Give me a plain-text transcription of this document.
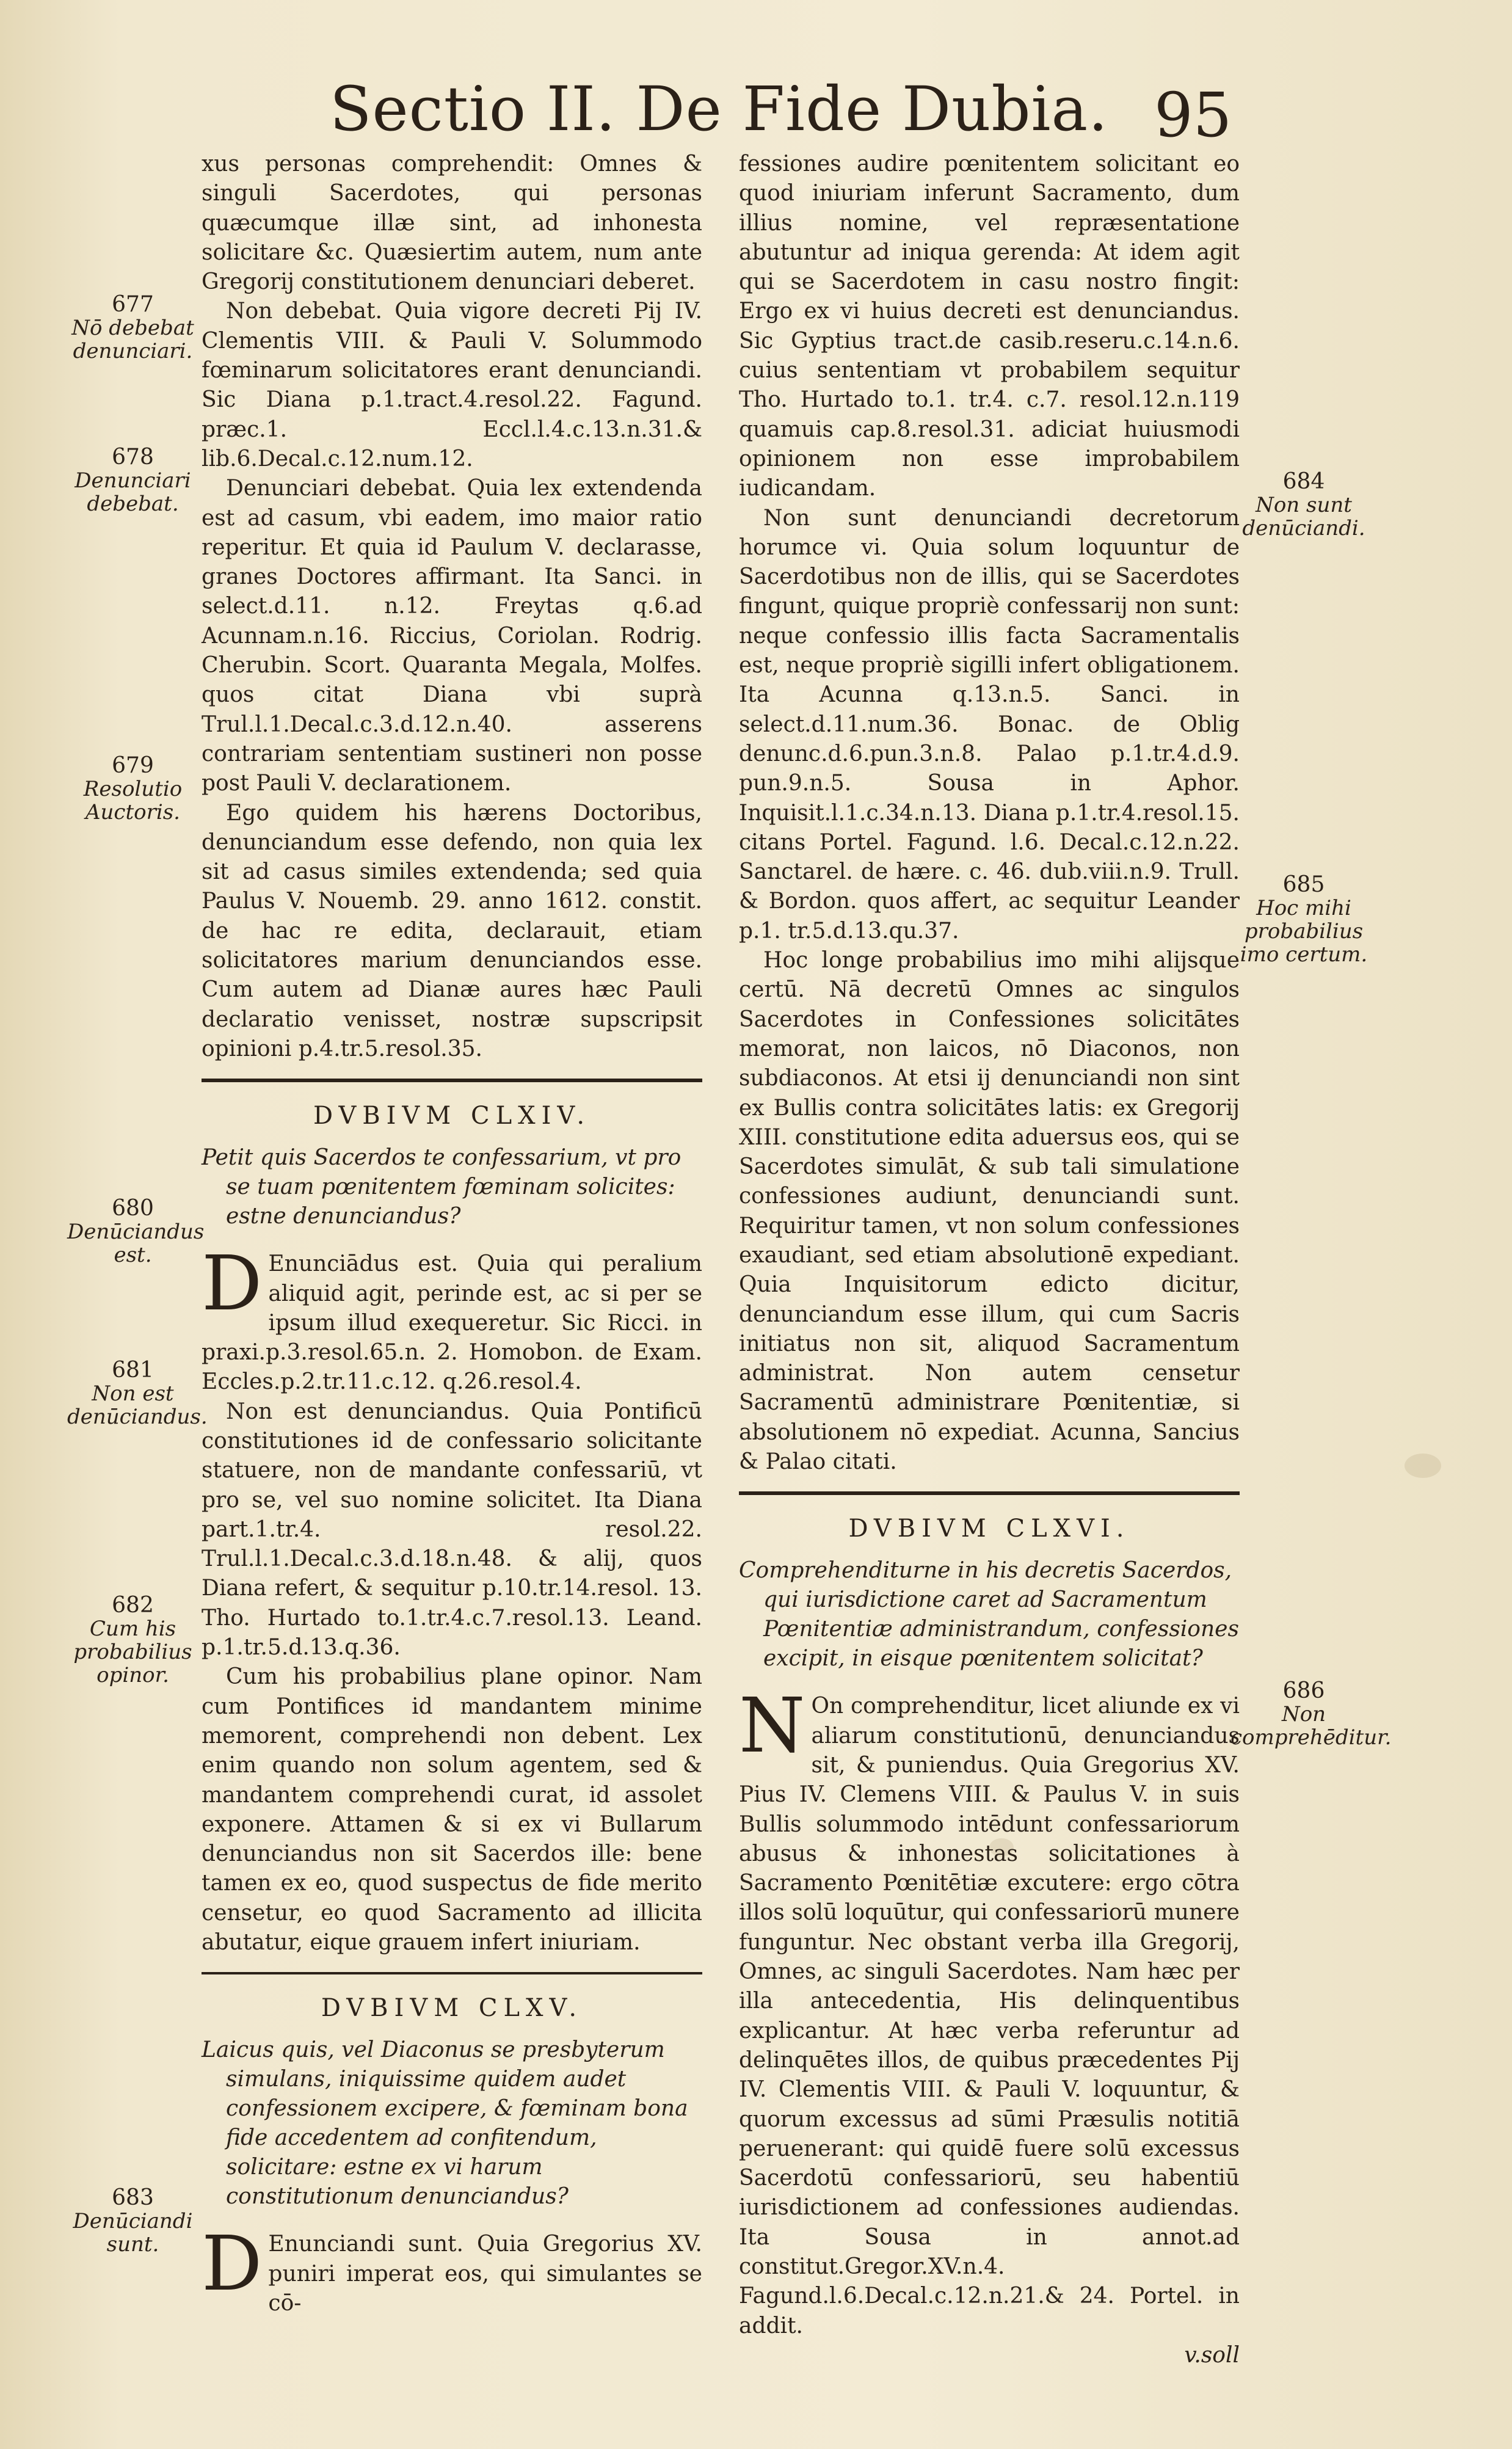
Sectio II. De Fide Dubia. 95

xus personas comprehendit: Omnes & singuli Sacerdotes, qui personas quæcumque illæ sint, ad inhonesta solicitare &c. Quæsiertim autem, num ante Gregorij constitutionem denunciari deberet.

Non debebat. Quia vigore decreti Pij IV. Clementis VIII. & Pauli V. Solummodo fœminarum solicitatores erant denunciandi. Sic Diana p.1.tract.4.resol.22. Fagund. præc.1. Eccl.l.4.c.13.n.31.& lib.6.Decal.c.12.num.12.

Denunciari debebat. Quia lex extendenda est ad casum, vbi eadem, imo maior ratio reperitur. Et quia id Paulum V. declarasse, granes Doctores affirmant. Ita Sanci. in select.d.11. n.12. Freytas q.6.ad Acunnam.n.16. Riccius, Coriolan. Rodrig. Cherubin. Scort. Quaranta Megala, Molfes. quos citat Diana vbi suprà Trul.l.1.Decal.c.3.d.12.n.40. asserens contrariam sententiam sustineri non posse post Pauli V. declarationem.

Ego quidem his hærens Doctoribus, denunciandum esse defendo, non quia lex sit ad casus similes extendenda; sed quia Paulus V. Nouemb. 29. anno 1612. constit. de hac re edita, declarauit, etiam solicitatores marium denunciandos esse. Cum autem ad Dianæ aures hæc Pauli declaratio venisset, nostræ supscripsit opinioni p.4.tr.5.resol.35.

DVBIVM CLXIV.
Petit quis Sacerdos te confessarium, vt pro se tuam pœnitentem fœminam solicites: estne denunciandus?

D Enunciādus est. Quia qui peralium aliquid agit, perinde est, ac si per se ipsum illud exequeretur. Sic Ricci. in praxi.p.3.resol.65.n. 2. Homobon. de Exam. Eccles.p.2.tr.11.c.12. q.26.resol.4.

Non est denunciandus. Quia Pontificū constitutiones id de confessario solicitante statuere, non de mandante confessariū, vt pro se, vel suo nomine solicitet. Ita Diana part.1.tr.4. resol.22. Trul.l.1.Decal.c.3.d.18.n.48. & alij, quos Diana refert, & sequitur p.10.tr.14.resol. 13. Tho. Hurtado to.1.tr.4.c.7.resol.13. Leand. p.1.tr.5.d.13.q.36.

Cum his probabilius plane opinor. Nam cum Pontifices id mandantem minime memorent, comprehendi non debent. Lex enim quando non solum agentem, sed & mandantem comprehendi curat, id assolet exponere. Attamen & si ex vi Bullarum denunciandus non sit Sacerdos ille: bene tamen ex eo, quod suspectus de fide merito censetur, eo quod Sacramento ad illicita abutatur, eique grauem infert iniuriam.

DVBIVM CLXV.
Laicus quis, vel Diaconus se presbyterum simulans, iniquissime quidem audet confessionem excipere, & fœminam bona fide accedentem ad confitendum, solicitare: estne ex vi harum constitutionum denunciandus?

D Enunciandi sunt. Quia Gregorius XV. puniri imperat eos, qui simulantes se cō-

fessiones audire pœnitentem solicitant eo quod iniuriam inferunt Sacramento, dum illius nomine, vel repræsentatione abutuntur ad iniqua gerenda: At idem agit qui se Sacerdotem in casu nostro fingit: Ergo ex vi huius decreti est denunciandus. Sic Gyptius tract.de casib.reseru.c.14.n.6. cuius sententiam vt probabilem sequitur Tho. Hurtado to.1. tr.4. c.7. resol.12.n.119 quamuis cap.8.resol.31. adiciat huiusmodi opinionem non esse improbabilem iudicandam.

Non sunt denunciandi decretorum horumce vi. Quia solum loquuntur de Sacerdotibus non de illis, qui se Sacerdotes fingunt, quique propriè confessarij non sunt: neque confessio illis facta Sacramentalis est, neque propriè sigilli infert obligationem. Ita Acunna q.13.n.5. Sanci. in select.d.11.num.36. Bonac. de Oblig denunc.d.6.pun.3.n.8. Palao p.1.tr.4.d.9. pun.9.n.5. Sousa in Aphor. Inquisit.l.1.c.34.n.13. Diana p.1.tr.4.resol.15. citans Portel. Fagund. l.6. Decal.c.12.n.22. Sanctarel. de hære. c. 46. dub.viii.n.9. Trull. & Bordon. quos affert, ac sequitur Leander p.1. tr.5.d.13.qu.37.

Hoc longe probabilius imo mihi alijsque certū. Nā decretū Omnes ac singulos Sacerdotes in Confessiones solicitātes memorat, non laicos, nō Diaconos, non subdiaconos. At etsi ij denunciandi non sint ex Bullis contra solicitātes latis: ex Gregorij XIII. constitutione edita aduersus eos, qui se Sacerdotes simulāt, & sub tali simulatione confessiones audiunt, denunciandi sunt. Requiritur tamen, vt non solum confessiones exaudiant, sed etiam absolutionē expediant. Quia Inquisitorum edicto dicitur, denunciandum esse illum, qui cum Sacris initiatus non sit, aliquod Sacramentum administrat. Non autem censetur Sacramentū administrare Pœnitentiæ, si absolutionem nō expediat. Acunna, Sancius & Palao citati.

DVBIVM CLXVI.
Comprehenditurne in his decretis Sacerdos, qui iurisdictione caret ad Sacramentum Pœnitentiæ administrandum, confessiones excipit, in eisque pœnitentem solicitat?

N On comprehenditur, licet aliunde ex vi aliarum constitutionū, denunciandus sit, & puniendus. Quia Gregorius XV. Pius IV. Clemens VIII. & Paulus V. in suis Bullis solummodo intēdunt confessariorum abusus & inhonestas solicitationes à Sacramento Pœnitētiæ excutere: ergo cōtra illos solū loquūtur, qui confessariorū munere funguntur. Nec obstant verba illa Gregorij, Omnes, ac singuli Sacerdotes. Nam hæc per illa antecedentia, His delinquentibus explicantur. At hæc verba referuntur ad delinquētes illos, de quibus præcedentes Pij IV. Clementis VIII. & Pauli V. loquuntur, & quorum excessus ad sūmi Præsulis notitiā peruenerant: qui quidē fuere solū excessus Sacerdotū confessariorū, seu habentiū iurisdictionem ad confessiones audiendas. Ita Sousa in annot.ad constitut.Gregor.XV.n.4. Fagund.l.6.Decal.c.12.n.21.& 24. Portel. in addit.

v.soll

677
Nō debebat denunciari.
678
Denunciari debebat.
679
Resolutio Auctoris.
680
Denūciandus est.
681
Non est denūciandus.
682
Cum his probabilius opinor.
683
Denūciandi sunt.
684
Non sunt denūciandi.
685
Hoc mihi probabilius imo certum.
686
Non comprehēditur.
